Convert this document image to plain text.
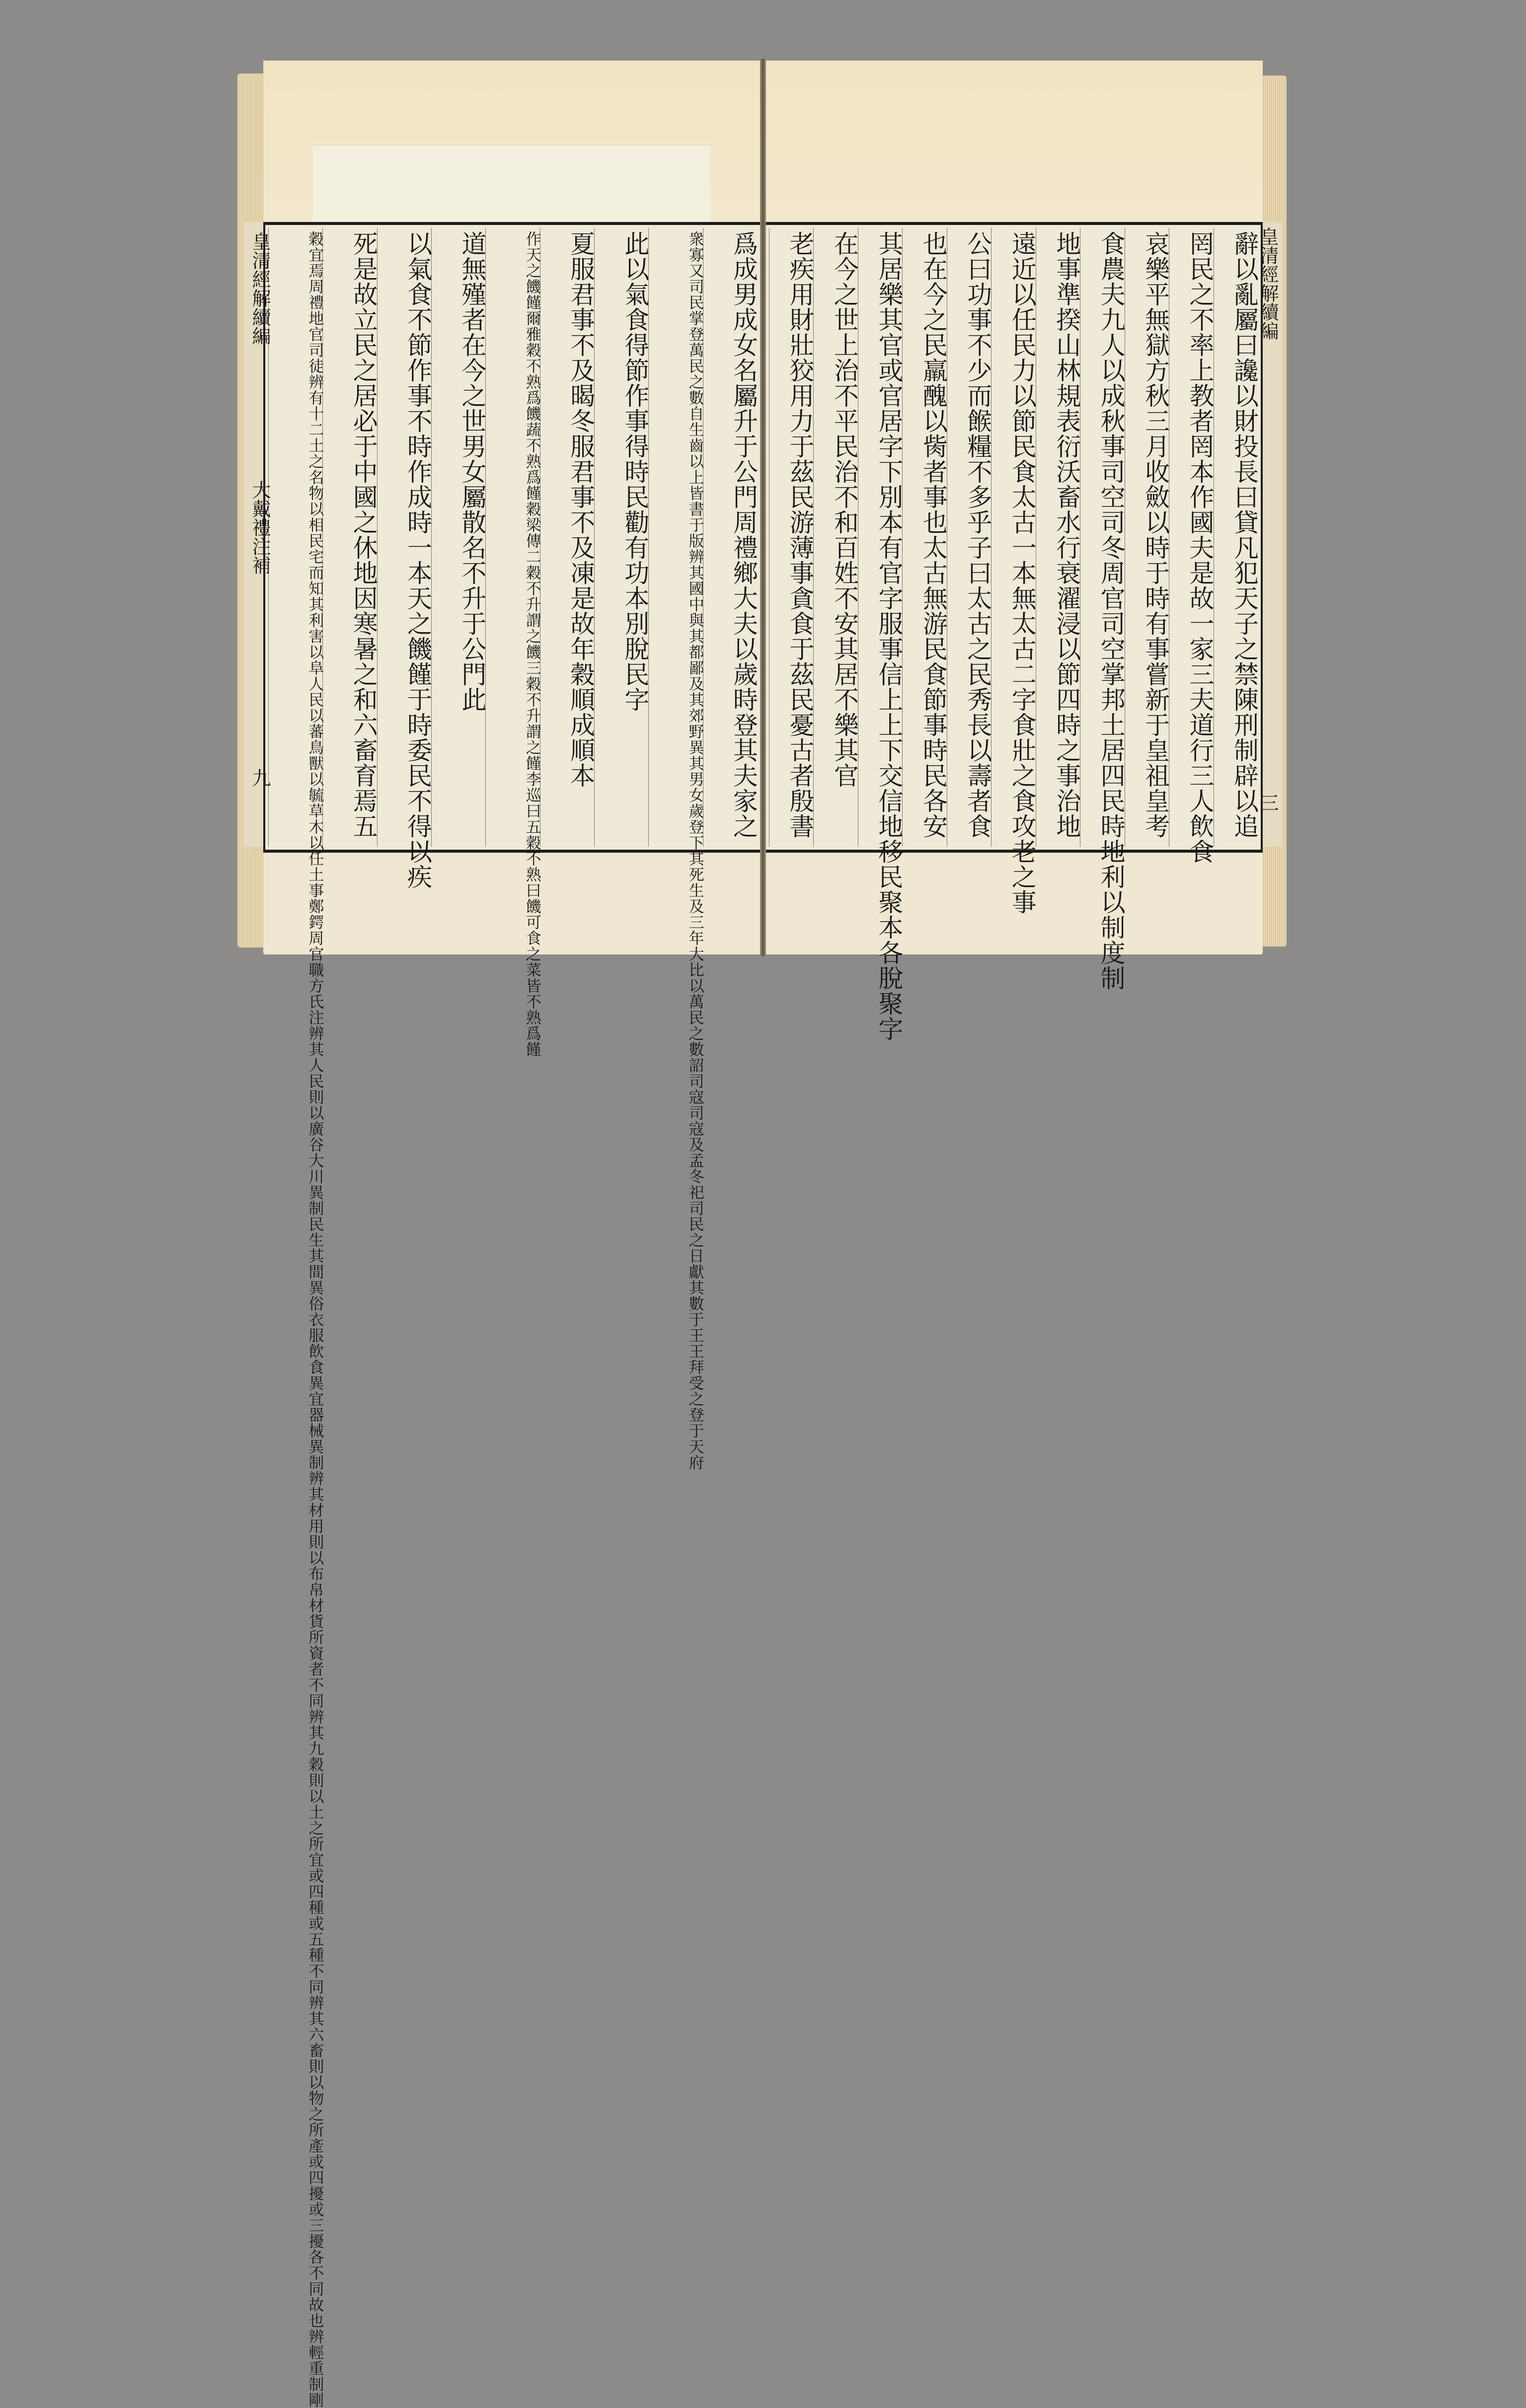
爲成男成女名屬升于公門周禮鄉大夫以歲時登其夫家之
衆寡又司民掌登萬民之數自生齒以上皆書于版辨其國中與其都鄙及其郊野異其男女歲登下其死生及三年大比以萬民之數詔司寇司寇及孟冬祀司民之日獻其數于王王拜受之登于天府
此以氣食得節作事得時民勸有功本別脫民字
夏服君事不及暍冬服君事不及凍是故年穀順成順本
作天之饑饉爾雅穀不熟爲饑蔬不熟爲饉穀梁傳二穀不升謂之饑三穀不升謂之饉李巡曰五穀不熟曰饑可食之菜皆不熟爲饉
道無殣者在今之世男女屬散名不升于公門此
以氣食不節作事不時作成時一本天之饑饉于時委民不得以疾
死是故立民之居必于中國之休地因寒暑之和六畜育焉五
穀宜焉周禮地官司徒辨有十二土之名物以相民宅而知其利害以阜人民以蕃鳥獸以毓草木以任土事鄭鍔周官職方氏注辨其人民則以廣谷大川異制民生其間異俗衣服飲食異宜器械異制辨其材用則以布帛材貨所資者不同辨其九穀則以土之所宜或四種或五種不同辨其六畜則以物之所產或四擾或三擾各不同故也辨輕重制剛
皇清經解續編
大戴禮注補
九	辭以亂屬曰讒以財投長曰貸凡犯天子之禁陳刑制辟以追
罔民之不率上教者罔本作國夫是故一家三夫道行三人飲食
哀樂平無獄方秋三月收斂以時于時有事嘗新于皇祖皇考
食農夫九人以成秋事司空司冬周官司空掌邦土居四民時地利以制度制
地事準揆山林規表衍沃畜水行衰濯浸以節四時之事治地
遠近以任民力以節民食太古一本無太古二字食壯之食攻老之事
公曰功事不少而餱糧不多乎子曰太古之民秀長以壽者食
也在今之民羸醜以胔者事也太古無游民食節事時民各安
其居樂其官或官居字下別本有官字服事信上上下交信地移民聚本各脫聚字
在今之世上治不平民治不和百姓不安其居不樂其官
老疾用財壯狡用力于茲民游薄事貪食于茲民憂古者殷書	皇清經解續編
三
